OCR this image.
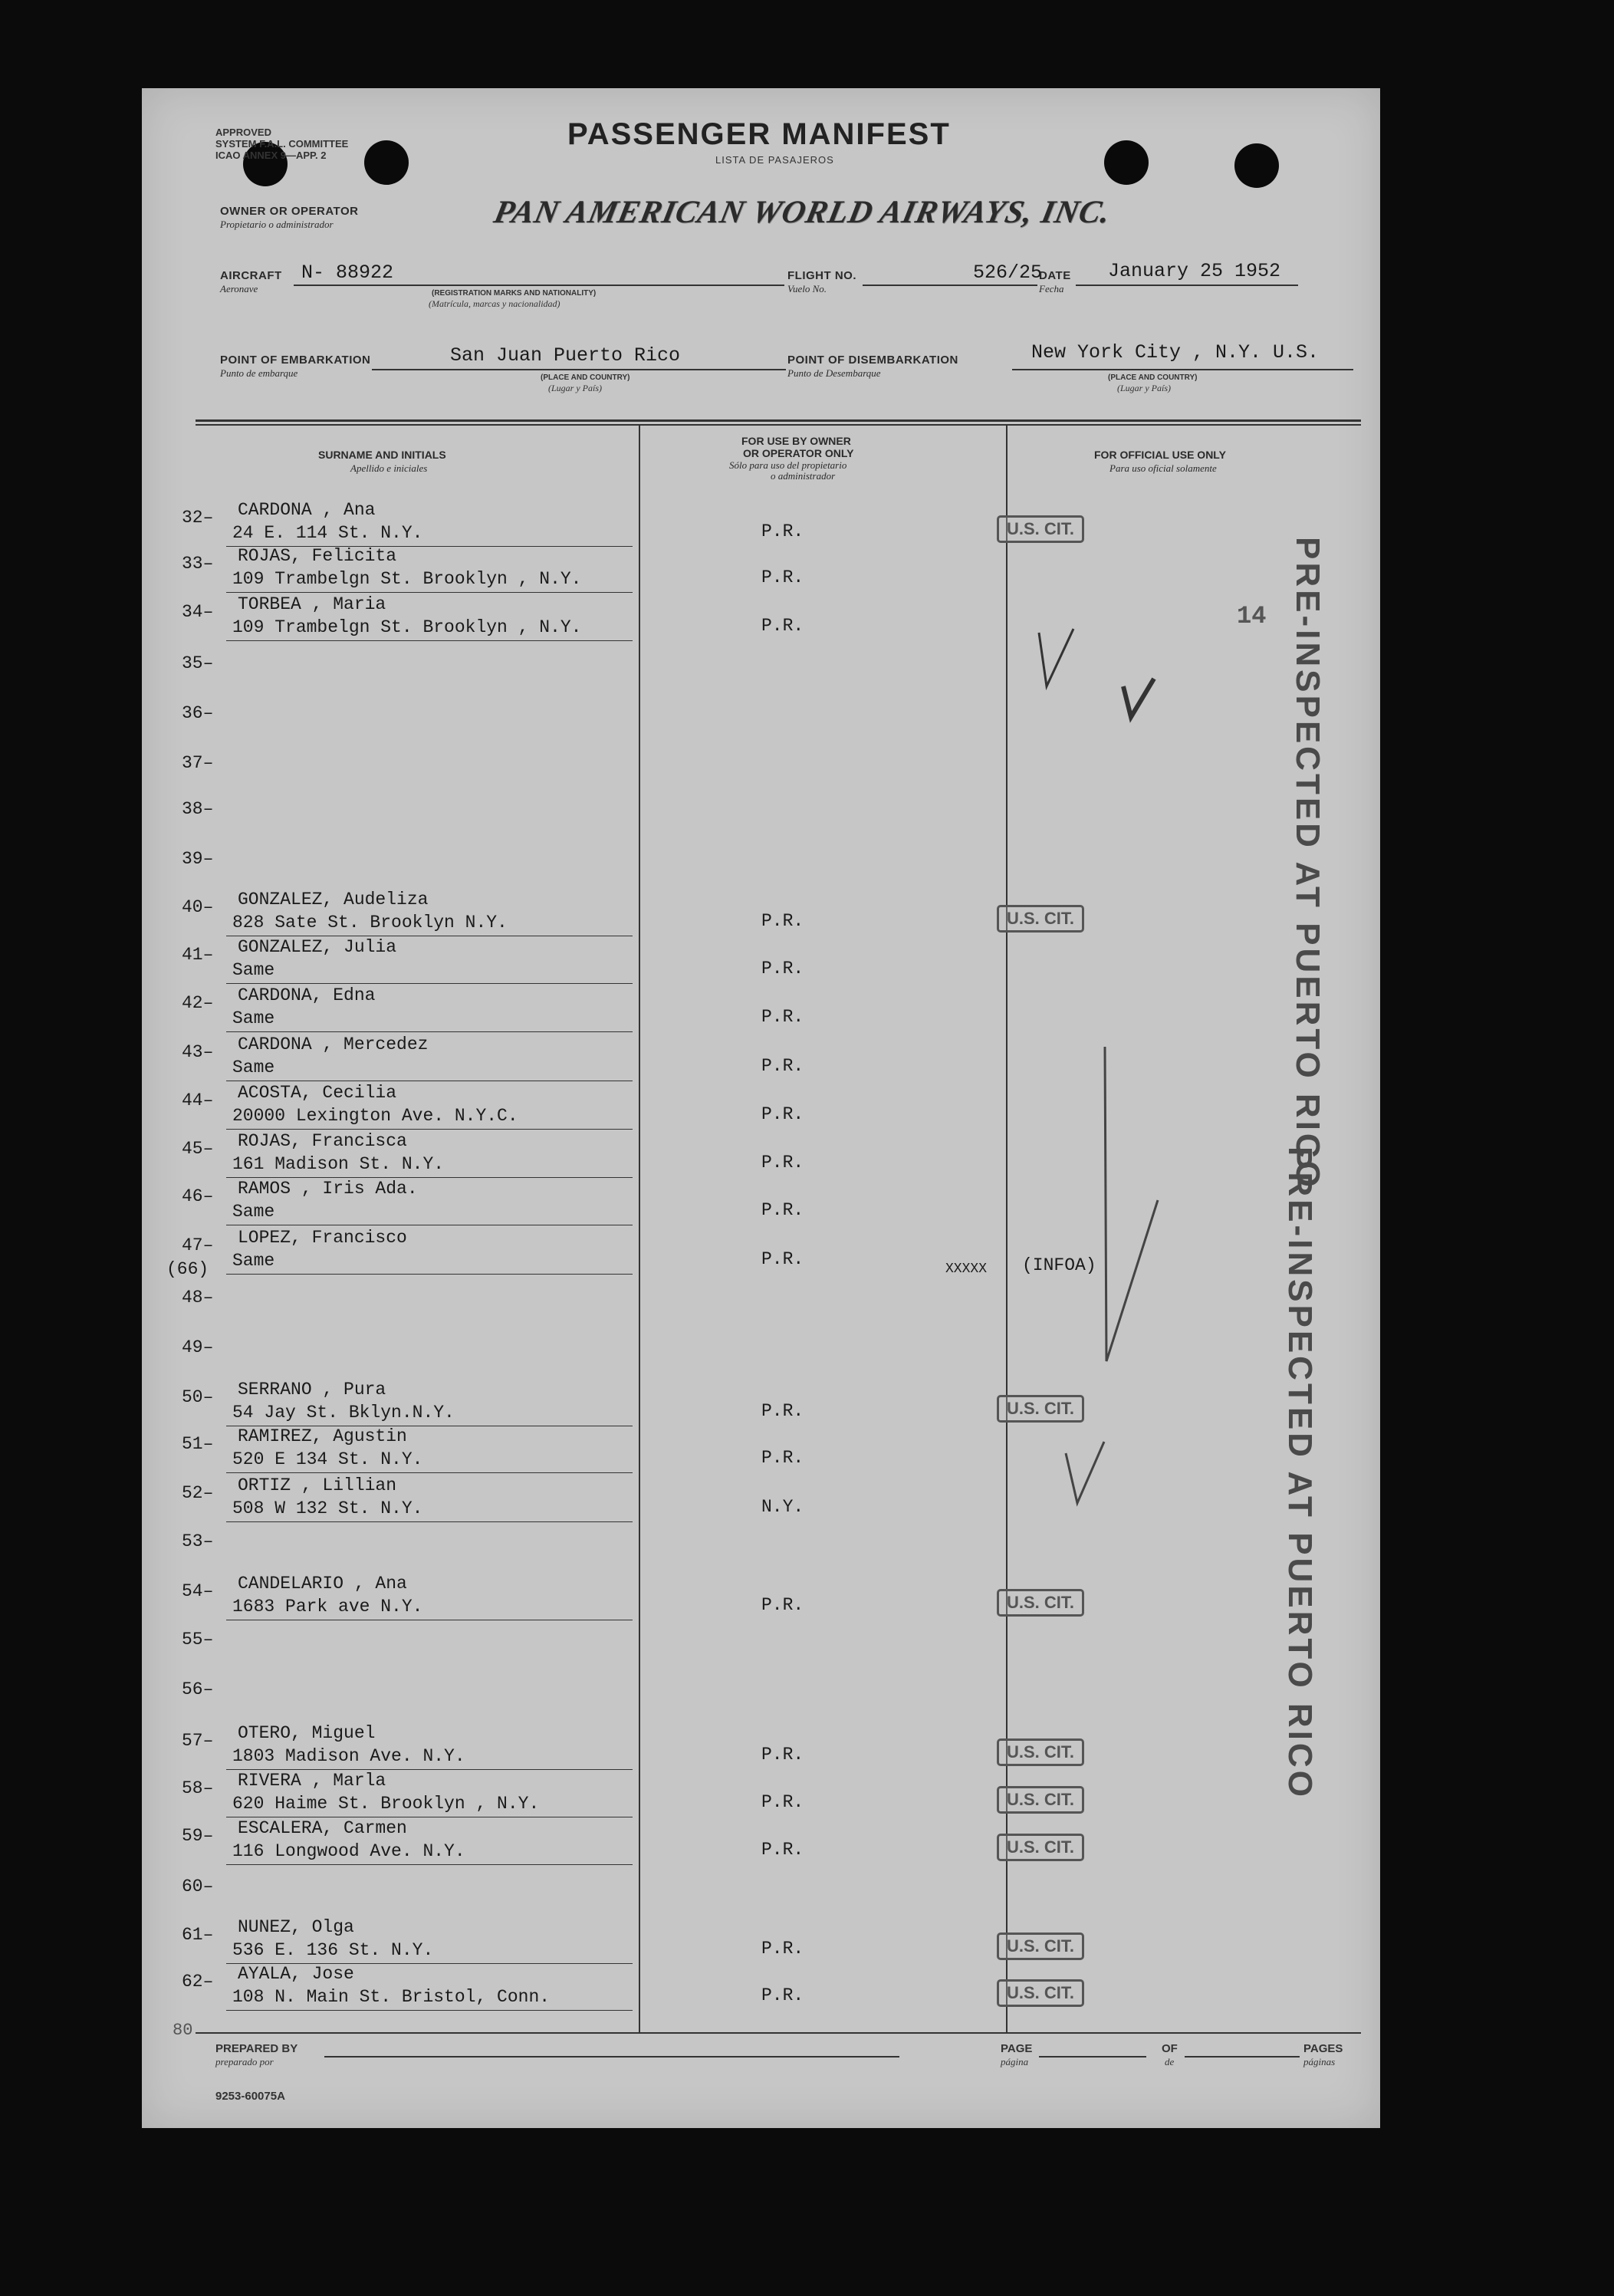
APPROVED
SYSTEM F.A.L. COMMITTEE
ICAO ANNEX 9—APP. 2
PASSENGER MANIFEST
LISTA DE PASAJEROS
OWNER OR OPERATOR
Propietario o administrador	PAN AMERICAN WORLD AIRWAYS, INC.
AIRCRAFT
Aeronave
N- 88922
(REGISTRATION MARKS AND NATIONALITY)
(Matrícula, marcas y nacionalidad)
FLIGHT NO.
Vuelo No.
526/25
DATE
Fecha
January 25 1952
POINT OF EMBARKATION
Punto de embarque
San Juan Puerto Rico
(PLACE AND COUNTRY)
(Lugar y País)
POINT OF DISEMBARKATION
Punto de Desembarque
New York City , N.Y. U.S.
(PLACE AND COUNTRY)
(Lugar y País)
SURNAME AND INITIALS
Apellido e iniciales
FOR USE BY OWNER
OR OPERATOR ONLY
Sólo para uso del propietario
o administrador
FOR OFFICIAL USE ONLY
Para uso oficial solamente
32– CARDONA , Ana
24 E. 114 St. N.Y.	P.R.	U.S. CIT.
33– ROJAS, Felicita
109 Trambelgn St. Brooklyn , N.Y.	P.R.
34– TORBEA , Maria
109 Trambelgn St. Brooklyn , N.Y.	P.R.
35–
36–
37–
38–
39–
40– GONZALEZ, Audeliza
828 Sate St. Brooklyn N.Y.	P.R.	U.S. CIT.
41– GONZALEZ, Julia
Same	P.R.
42– CARDONA, Edna
Same	P.R.
43– CARDONA , Mercedez
Same	P.R.
44– ACOSTA, Cecilia
20000 Lexington Ave. N.Y.C.	P.R.
45– ROJAS, Francisca
161 Madison St. N.Y.	P.R.
46– RAMOS , Iris Ada.
Same	P.R.
47– LOPEZ, Francisco
Same	P.R.
48–
49–
50– SERRANO , Pura
54 Jay St. Bklyn.N.Y.	P.R.	U.S. CIT.
51– RAMIREZ, Agustin
520 E 134 St. N.Y.	P.R.
52– ORTIZ , Lillian
508 W 132 St. N.Y.	N.Y.
53–
54– CANDELARIO , Ana
1683 Park ave N.Y.	P.R.	U.S. CIT.
55–
56–
57– OTERO, Miguel
1803 Madison Ave. N.Y.	P.R.	U.S. CIT.
58– RIVERA , Marla
620 Haime St. Brooklyn , N.Y.	P.R.	U.S. CIT.
59– ESCALERA, Carmen
116 Longwood Ave. N.Y.	P.R.	U.S. CIT.
60–
61– NUNEZ, Olga
536 E. 136 St. N.Y.	P.R.	U.S. CIT.
62– AYALA, Jose
108 N. Main St. Bristol, Conn.	P.R.	U.S. CIT.
(66)	XXXXX (INFOA)
14
80
PRE-INSPECTED AT PUERTO RICO
PRE-INSPECTED AT PUERTO RICO
PREPARED BY
preparado por
PAGE
página
OF
de
PAGES
páginas
9253-60075A
